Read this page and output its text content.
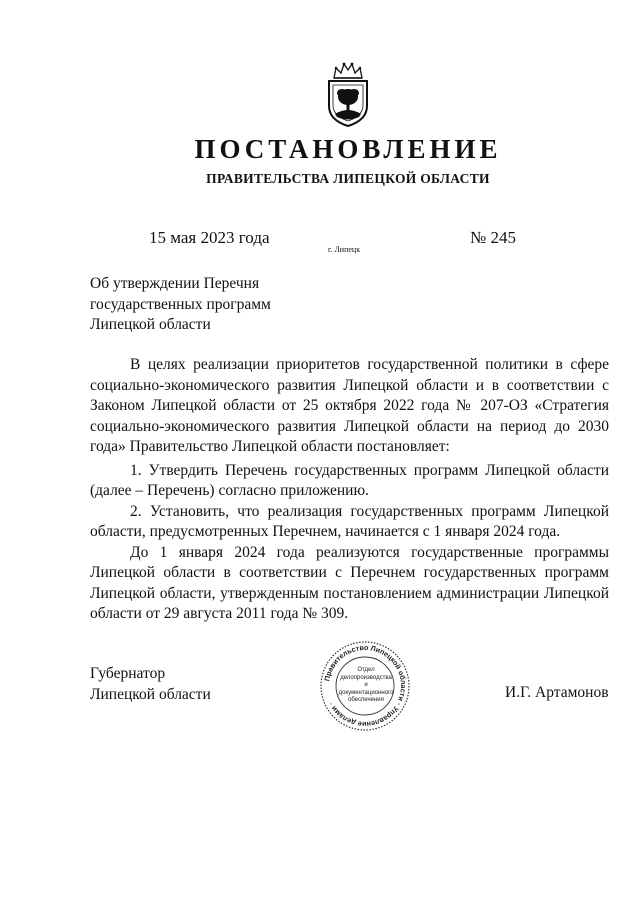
ПОСТАНОВЛЕНИЕ
ПРАВИТЕЛЬСТВА ЛИПЕЦКОЙ ОБЛАСТИ
15 мая 2023 года
г. Липецк
№ 245
Об утверждении Перечня
государственных программ
Липецкой области

В целях реализации приоритетов государственной политики в сфере социально-экономического развития Липецкой области и в соответствии с Законом Липецкой области от 25 октября 2022 года № 207-ОЗ «Стратегия социально-экономического развития Липецкой области на период до 2030 года» Правительство Липецкой области постановляет:

1. Утвердить Перечень государственных программ Липецкой области (далее – Перечень) согласно приложению.

2. Установить, что реализация государственных программ Липецкой области, предусмотренных Перечнем, начинается с 1 января 2024 года.

До 1 января 2024 года реализуются государственные программы Липецкой области в соответствии с Перечнем государственных программ Липецкой области, утвержденным постановлением администрации Липецкой области от 29 августа 2011 года № 309.

Губернатор
Липецкой области	И.Г. Артамонов
Правительство Липецкой области · Управление делами ·
Отдел
делопроизводства и
документационного
обеспечения
